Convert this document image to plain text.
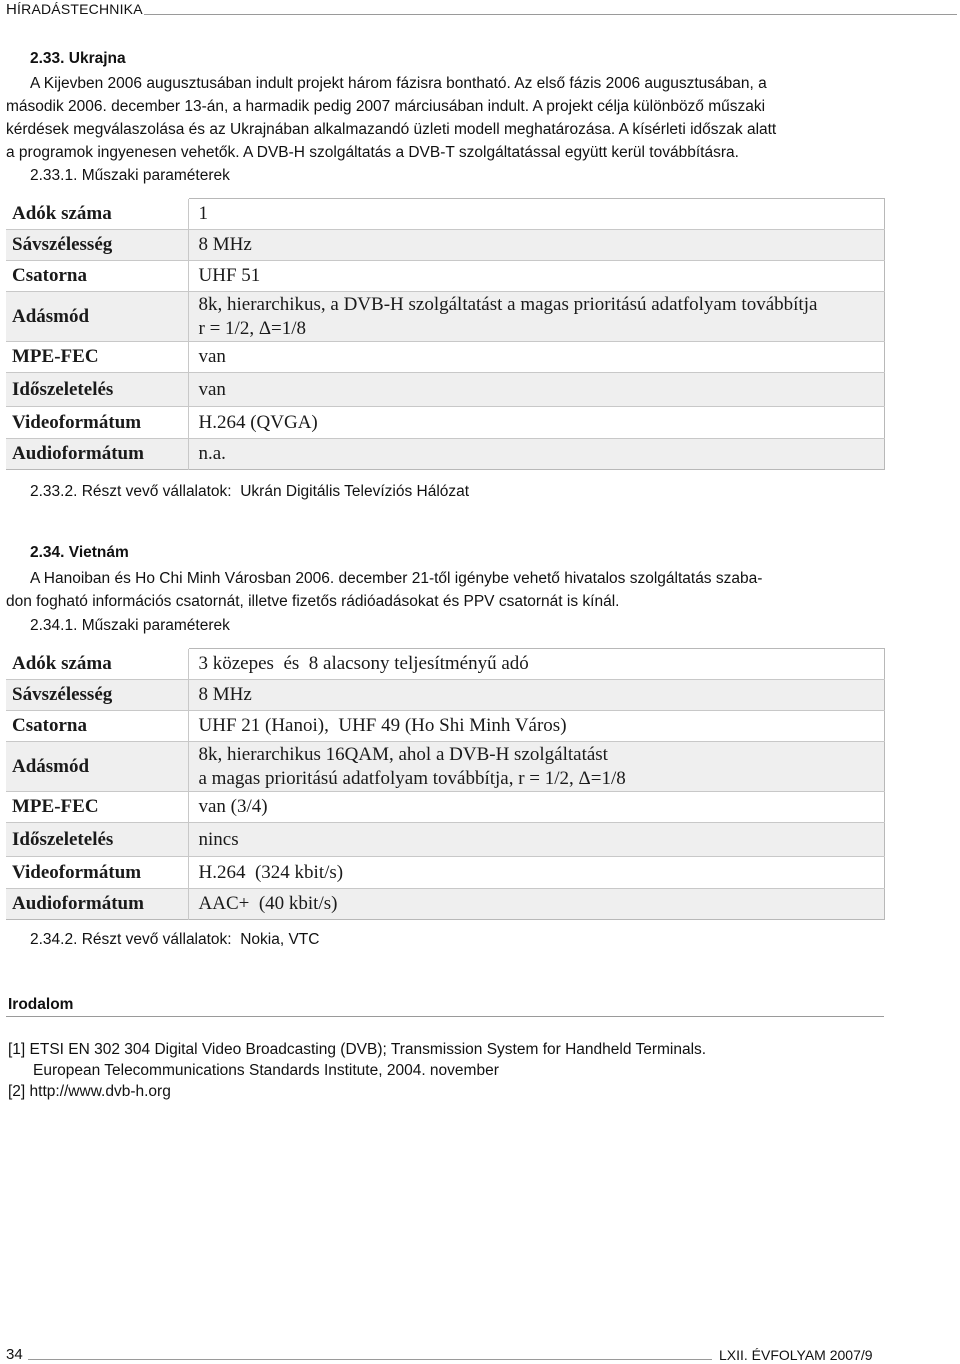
HÍRADÁSTECHNIKA
2.33. Ukrajna

A Kijevben 2006 augusztusában indult projekt három fázisra bontható. Az első fázis 2006 augusztusában, a

második 2006. december 13-án, a harmadik pedig 2007 márciusában indult. A projekt célja különböző műszaki

kérdések megválaszolása és az Ukrajnában alkalmazandó üzleti modell meghatározása. A kísérleti időszak alatt

a programok ingyenesen vehetők. A DVB-H szolgáltatás a DVB-T szolgáltatással együtt kerül továbbításra.

2.33.1. Műszaki paraméterek
Adók száma	1
Sávszélesség	8 MHz
Csatorna	UHF 51
Adásmód	8k, hierarchikus, a DVB-H szolgáltatást a magas prioritású adatfolyam továbbítja
r = 1/2, Δ=1/8

MPE-FEC	van
Időszeletelés	van
Videoformátum	H.264 (QVGA)
Audioformátum	n.a.
2.33.2. Részt vevő vállalatok:  Ukrán Digitális Televíziós Hálózat
2.34. Vietnám

A Hanoiban és Ho Chi Minh Városban 2006. december 21-től igénybe vehető hivatalos szolgáltatás szaba-

don fogható információs csatornát, illetve fizetős rádióadásokat és PPV csatornát is kínál.

2.34.1. Műszaki paraméterek
Adók száma	3 közepes  és  8 alacsony teljesítményű adó
Sávszélesség	8 MHz
Csatorna	UHF 21 (Hanoi),  UHF 49 (Ho Shi Minh Város)
Adásmód	8k, hierarchikus 16QAM, ahol a DVB-H szolgáltatást
a magas prioritású adatfolyam továbbítja, r = 1/2, Δ=1/8

MPE-FEC	van (3/4)
Időszeletelés	nincs
Videoformátum	H.264  (324 kbit/s)
Audioformátum	AAC+  (40 kbit/s)
2.34.2. Részt vevő vállalatok:  Nokia, VTC
Irodalom

[1] ETSI EN 302 304 Digital Video Broadcasting (DVB); Transmission System for Handheld Terminals.

European Telecommunications Standards Institute, 2004. november

[2] http://www.dvb-h.org

34	LXII. ÉVFOLYAM 2007/9
